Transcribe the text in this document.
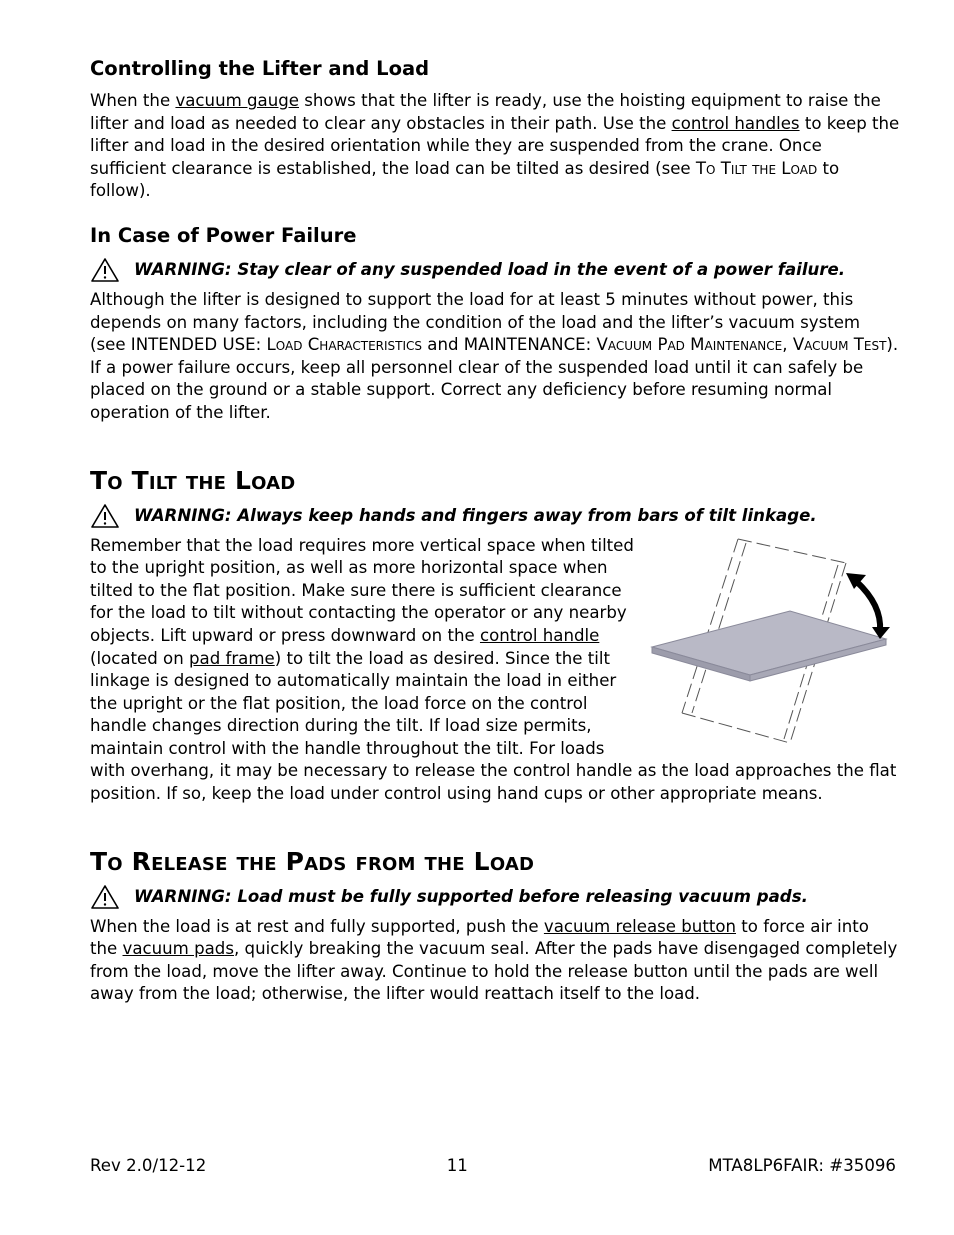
Controlling the Lifter and Load

When the vacuum gauge shows that the lifter is ready, use the hoisting equipment to raise the lifter and load as needed to clear any obstacles in their path. Use the control handles to keep the lifter and load in the desired orientation while they are suspended from the crane. Once sufficient clearance is established, the load can be tilted as desired (see To Tilt the Load to follow).

In Case of Power Failure
WARNING: Stay clear of any suspended load in the event of a power failure.

Although the lifter is designed to support the load for at least 5 minutes without power, this depends on many factors, including the condition of the load and the lifter’s vacuum system (see INTENDED USE: Load Characteristics and MAINTENANCE: Vacuum Pad Maintenance, Vacuum Test). If a power failure occurs, keep all personnel clear of the suspended load until it can safely be placed on the ground or a stable support. Correct any deficiency before resuming normal operation of the lifter.

To Tilt the Load
WARNING: Always keep hands and fingers away from bars of tilt linkage.

Remember that the load requires more vertical space when tilted to the upright position, as well as more horizontal space when tilted to the flat position. Make sure there is sufficient clearance for the load to tilt without contacting the operator or any nearby objects. Lift upward or press downward on the control handle (located on pad frame) to tilt the load as desired. Since the tilt linkage is designed to automatically maintain the load in either the upright or the flat position, the load force on the control handle changes direction during the tilt. If load size permits, maintain control with the handle throughout the tilt. For loads with overhang, it may be necessary to release the control handle as the load approaches the flat position. If so, keep the load under control using hand cups or other appropriate means.

To Release the Pads from the Load
WARNING: Load must be fully supported before releasing vacuum pads.

When the load is at rest and fully supported, push the vacuum release button to force air into the vacuum pads, quickly breaking the vacuum seal. After the pads have disengaged completely from the load, move the lifter away. Continue to hold the release button until the pads are well away from the load; otherwise, the lifter would reattach itself to the load.

Rev 2.0/12-12	11	MTA8LP6FAIR: #35096
